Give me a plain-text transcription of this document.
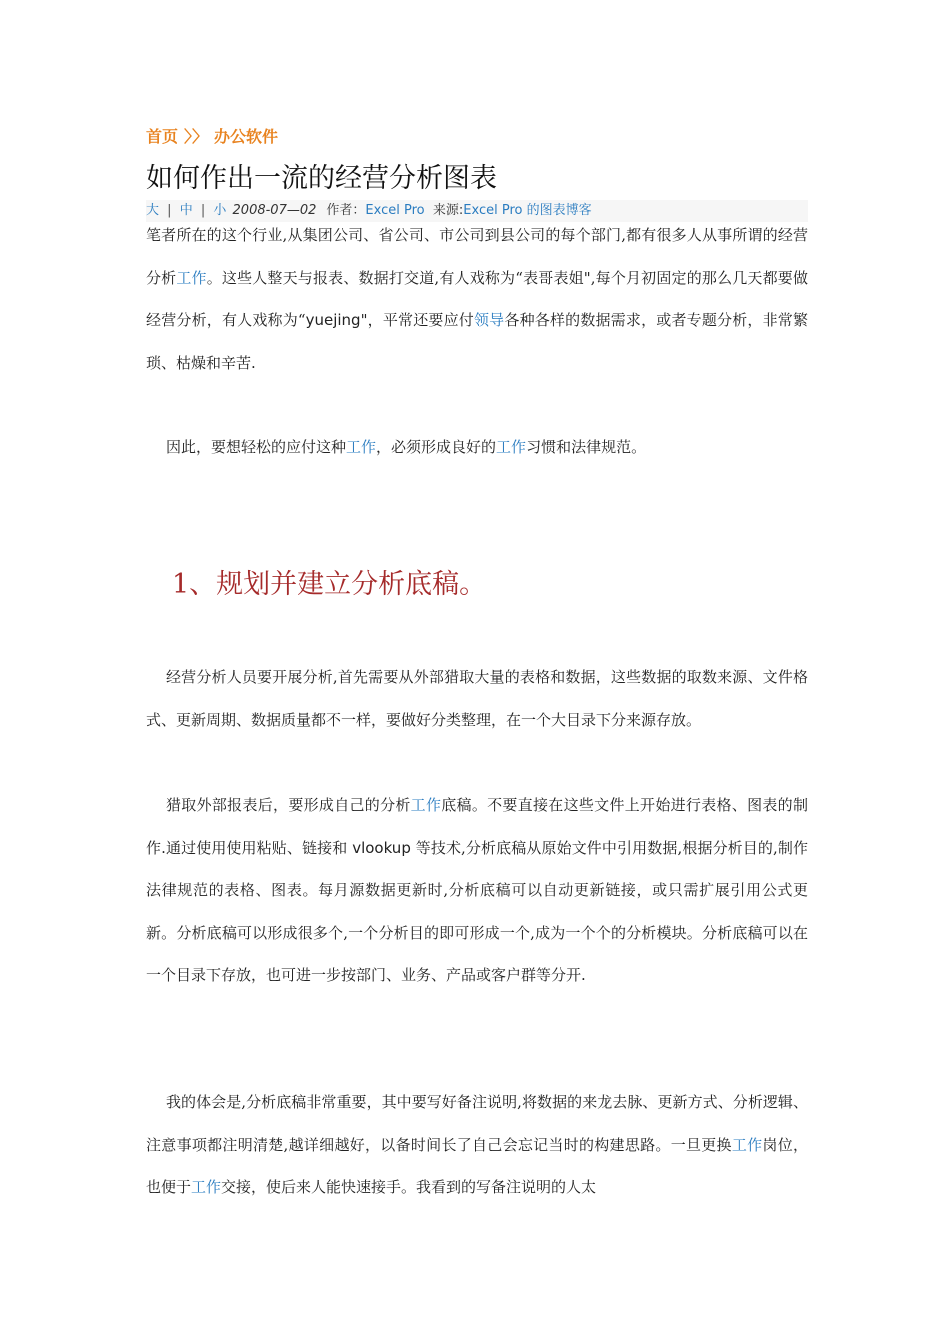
首页 〉〉 办公软件
如何作出一流的经营分析图表
大 | 中 | 小 2008-07—02 作者：Excel Pro 来源:Excel Pro 的图表博客

笔者所在的这个行业,从集团公司、省公司、市公司到县公司的每个部门,都有很多人从事所谓的经营分析工作。这些人整天与报表、数据打交道,有人戏称为“表哥表姐",每个月初固定的那么几天都要做经营分析，有人戏称为“yuejing"，平常还要应付领导各种各样的数据需求，或者专题分析，非常繁琐、枯燥和辛苦.

因此，要想轻松的应付这种工作，必须形成良好的工作习惯和法律规范。

1、规划并建立分析底稿。

经营分析人员要开展分析,首先需要从外部猎取大量的表格和数据，这些数据的取数来源、文件格式、更新周期、数据质量都不一样，要做好分类整理，在一个大目录下分来源存放。

猎取外部报表后，要形成自己的分析工作底稿。不要直接在这些文件上开始进行表格、图表的制作.通过使用使用粘贴、链接和 vlookup 等技术,分析底稿从原始文件中引用数据,根据分析目的,制作法律规范的表格、图表。每月源数据更新时,分析底稿可以自动更新链接，或只需扩展引用公式更新。分析底稿可以形成很多个,一个分析目的即可形成一个,成为一个个的分析模块。分析底稿可以在一个目录下存放，也可进一步按部门、业务、产品或客户群等分开.

我的体会是,分析底稿非常重要，其中要写好备注说明,将数据的来龙去脉、更新方式、分析逻辑、注意事项都注明清楚,越详细越好，以备时间长了自己会忘记当时的构建思路。一旦更换工作岗位，也便于工作交接，使后来人能快速接手。我看到的写备注说明的人太
